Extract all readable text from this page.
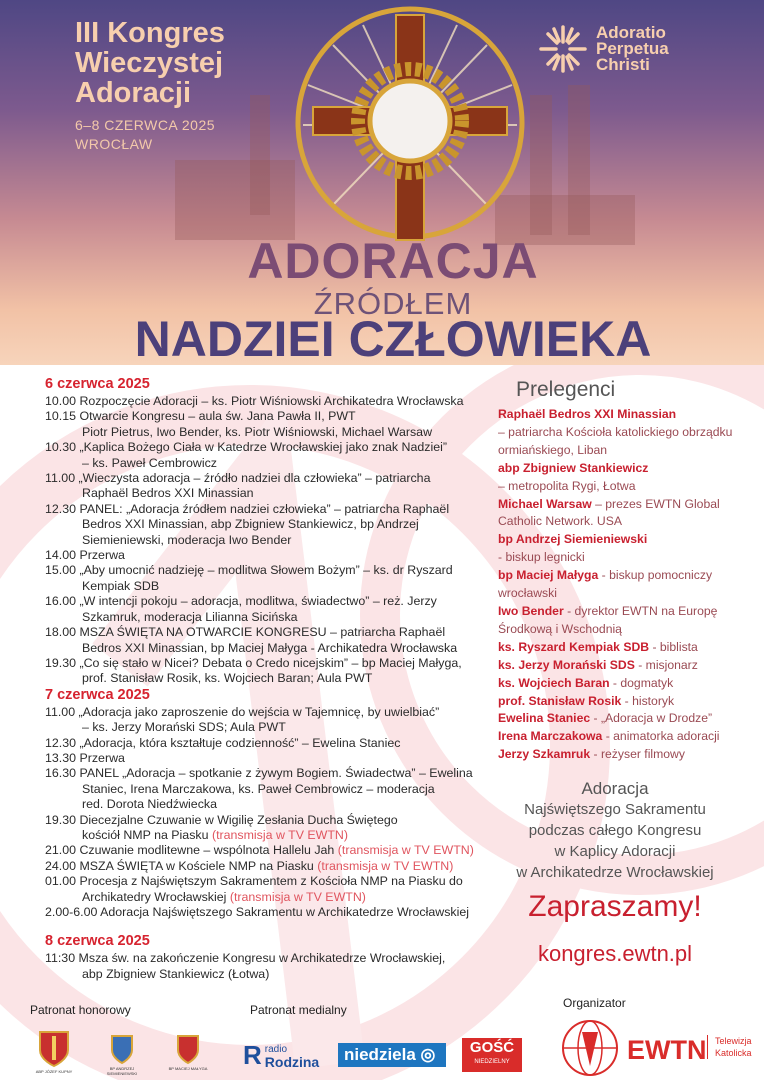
III Kongres
Wieczystej
Adoracji
6–8 CZERWCA 2025
WROCŁAW
Adoratio
Perpetua
Christi
ADORACJA
ŹRÓDŁEM
NADZIEI CZŁOWIEKA
6 czerwca 2025
10.00 Rozpoczęcie Adoracji – ks. Piotr Wiśniowski Archikatedra Wrocławska
10.15 Otwarcie Kongresu – aula św. Jana Pawła II, PWT
Piotr Pietrus, Iwo Bender, ks. Piotr Wiśniowski, Michael Warsaw
10.30 „Kaplica Bożego Ciała w Katedrze Wrocławskiej jako znak Nadziei”
– ks. Paweł Cembrowicz
11.00 „Wieczysta adoracja – źródło nadziei dla człowieka” – patriarcha
Raphaël Bedros XXI Minassian
12.30 PANEL: „Adoracja źródłem nadziei człowieka” – patriarcha Raphaël
Bedros XXI Minassian, abp Zbigniew Stankiewicz, bp Andrzej
Siemieniewski, moderacja Iwo Bender
14.00 Przerwa
15.00 „Aby umocnić nadzieję – modlitwa Słowem Bożym” – ks. dr Ryszard
Kempiak SDB
16.00 „W intencji pokoju – adoracja, modlitwa, świadectwo” – reż. Jerzy
Szkamruk, moderacja Lilianna Sicińska
18.00 MSZA ŚWIĘTA NA OTWARCIE KONGRESU – patriarcha Raphaël
Bedros XXI Minassian, bp Maciej Małyga - Archikatedra Wrocławska
19.30 „Co się stało w Nicei? Debata o Credo nicejskim” – bp Maciej Małyga,
prof. Stanisław Rosik, ks. Wojciech Baran; Aula PWT
7 czerwca 2025
11.00 „Adoracja jako zaproszenie do wejścia w Tajemnicę, by uwielbiać”
– ks. Jerzy Morański SDS; Aula PWT
12.30 „Adoracja, która kształtuje codzienność” – Ewelina Staniec
13.30 Przerwa
16.30 PANEL „Adoracja – spotkanie z żywym Bogiem. Świadectwa” – Ewelina
Staniec, Irena Marczakowa, ks. Paweł Cembrowicz – moderacja
red. Dorota Niedźwiecka
19.30 Diecezjalne Czuwanie w Wigilię Zesłania Ducha Świętego
kościół NMP na Piasku (transmisja w TV EWTN)
21.00 Czuwanie modlitewne – wspólnota Hallelu Jah (transmisja w TV EWTN)
24.00 MSZA ŚWIĘTA w Kościele NMP na Piasku (transmisja w TV EWTN)
01.00 Procesja z Najświętszym Sakramentem z Kościoła NMP na Piasku do
Archikatedry Wrocławskiej (transmisja w TV EWTN)
2.00-6.00 Adoracja Najświętszego Sakramentu w Archikatedrze Wrocławskiej
8 czerwca 2025
11:30 Msza św. na zakończenie Kongresu w Archikatedrze Wrocławskiej,
abp Zbigniew Stankiewicz (Łotwa)
Prelegenci
Raphaël Bedros XXI Minassian
– patriarcha Kościoła katolickiego obrządku ormiańskiego, Liban
abp Zbigniew Stankiewicz
– metropolita Rygi, Łotwa
Michael Warsaw – prezes EWTN Global Catholic Network. USA
bp Andrzej Siemieniewski
- biskup legnicki
bp Maciej Małyga - biskup pomocniczy wrocławski
Iwo Bender - dyrektor EWTN na Europę Środkową i Wschodnią
ks. Ryszard Kempiak SDB - biblista
ks. Jerzy Morański SDS - misjonarz
ks. Wojciech Baran - dogmatyk
prof. Stanisław Rosik - historyk
Ewelina Staniec - „Adoracja w Drodze”
Irena Marczakowa - animatorka adoracji
Jerzy Szkamruk - reżyser filmowy
Adoracja
Najświętszego Sakramentu
podczas całego Kongresu
w Kaplicy Adoracji
w Archikatedrze Wrocławskiej
Zapraszamy!
kongres.ewtn.pl
Patronat honorowy
ABP JÓZEF KUPNY
BP ANDRZEJ SIEMIENIEWSKI
BP MACIEJ MAŁYGA
Patronat medialny
R radio
Rodzina	niedziela ◎	GOŚĆ
NIEDZIELNY
Organizator
EWTN Telewizja
Katolicka
